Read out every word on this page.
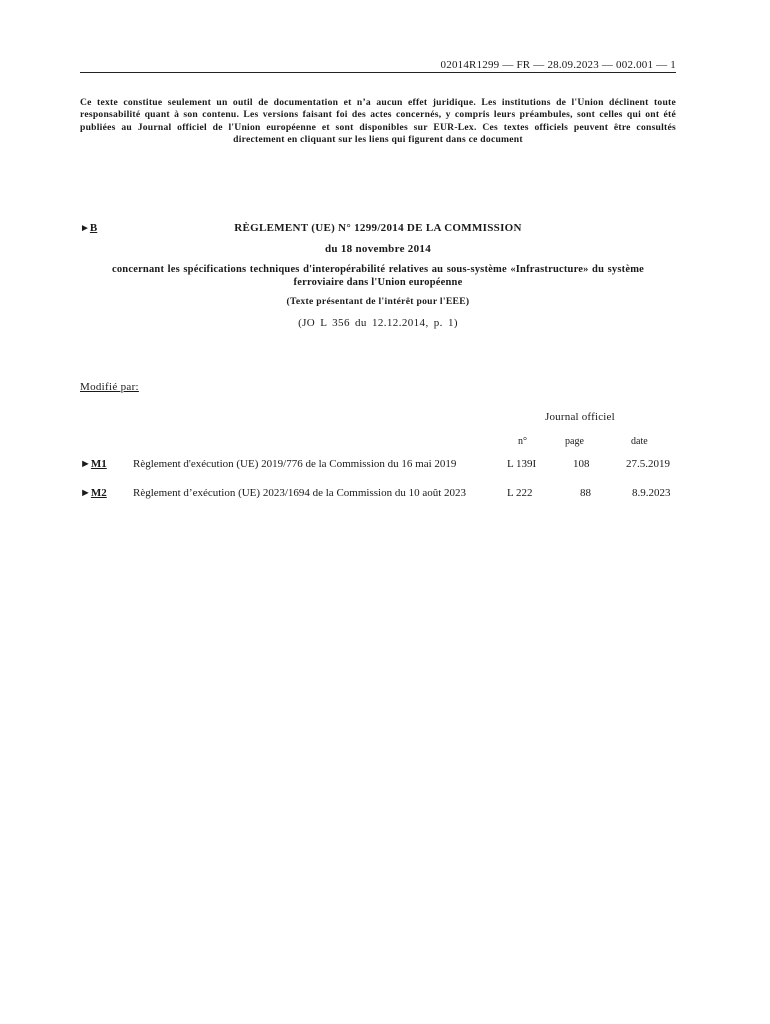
02014R1299 — FR — 28.09.2023 — 002.001 — 1
Ce texte constitue seulement un outil de documentation et n’a aucun effet juridique. Les institutions de l'Union déclinent toute responsabilité quant à son contenu. Les versions faisant foi des actes concernés, y compris leurs préambules, sont celles qui ont été publiées au Journal officiel de l'Union européenne et sont disponibles sur EUR-Lex. Ces textes officiels peuvent être consultés directement en cliquant sur les liens qui figurent dans ce document
►B	RÈGLEMENT (UE) N° 1299/2014 DE LA COMMISSION
du 18 novembre 2014
concernant les spécifications techniques d'interopérabilité relatives au sous-système «Infrastructure» du système ferroviaire dans l'Union européenne
(Texte présentant de l'intérêt pour l'EEE)
(JO L 356 du 12.12.2014, p. 1)
Modifié par:
Journal officiel
n°	page	date
►M1 Règlement d'exécution (UE) 2019/776 de la Commission du 16 mai 2019	L 139I	108	27.5.2019
►M2 Règlement d’exécution (UE) 2023/1694 de la Commission du 10 août 2023	L 222	88	8.9.2023
